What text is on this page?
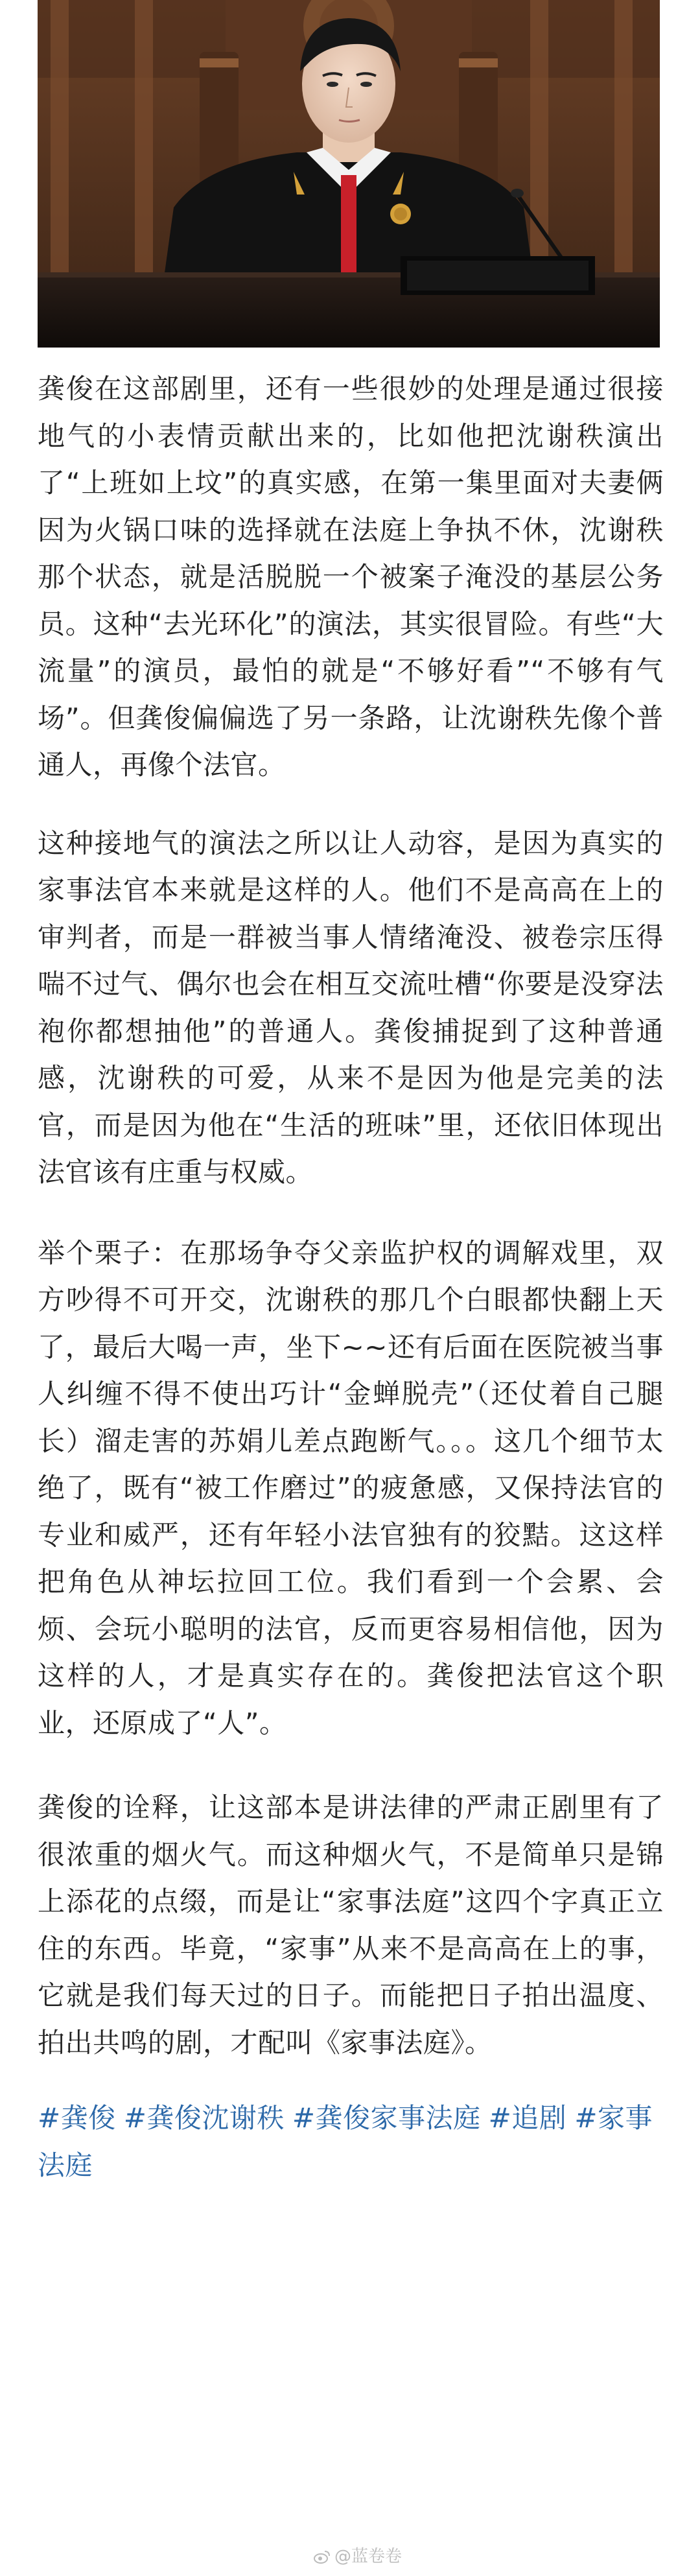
龚俊在这部剧里，还有一些很妙的处理是通过很接地气的小表情贡献出来的，比如他把沈谢秩演出了“上班如上坟”的真实感，在第一集里面对夫妻俩因为火锅口味的选择就在法庭上争执不休，沈谢秩那个状态，就是活脱脱一个被案子淹没的基层公务员。这种“去光环化”的演法，其实很冒险。有些“大流量”的演员，最怕的就是“不够好看”“不够有气场”。但龚俊偏偏选了另一条路，让沈谢秩先像个普通人，再像个法官。

这种接地气的演法之所以让人动容，是因为真实的家事法官本来就是这样的人。他们不是高高在上的审判者，而是一群被当事人情绪淹没、被卷宗压得喘不过气、偶尔也会在相互交流吐槽“你要是没穿法袍你都想抽他”的普通人。龚俊捕捉到了这种普通感，沈谢秩的可爱，从来不是因为他是完美的法官，而是因为他在“生活的班味”里，还依旧体现出法官该有庄重与权威。

举个栗子：在那场争夺父亲监护权的调解戏里，双方吵得不可开交，沈谢秩的那几个白眼都快翻上天了，最后大喝一声，坐下~~还有后面在医院被当事人纠缠不得不使出巧计“金蝉脱壳”（还仗着自己腿长）溜走害的苏娟儿差点跑断气。。。这几个细节太绝了，既有“被工作磨过”的疲惫感，又保持法官的专业和威严，还有年轻小法官独有的狡黠。这这样把角色从神坛拉回工位。我们看到一个会累、会烦、会玩小聪明的法官，反而更容易相信他，因为这样的人，才是真实存在的。龚俊把法官这个职业，还原成了“人”。

龚俊的诠释，让这部本是讲法律的严肃正剧里有了很浓重的烟火气。而这种烟火气，不是简单只是锦上添花的点缀，而是让“家事法庭”这四个字真正立住的东西。毕竟，“家事”从来不是高高在上的事，它就是我们每天过的日子。而能把日子拍出温度、拍出共鸣的剧，才配叫《家事法庭》。

#龚俊 #龚俊沈谢秩 #龚俊家事法庭 #追剧 #家事法庭
@蓝卷卷
